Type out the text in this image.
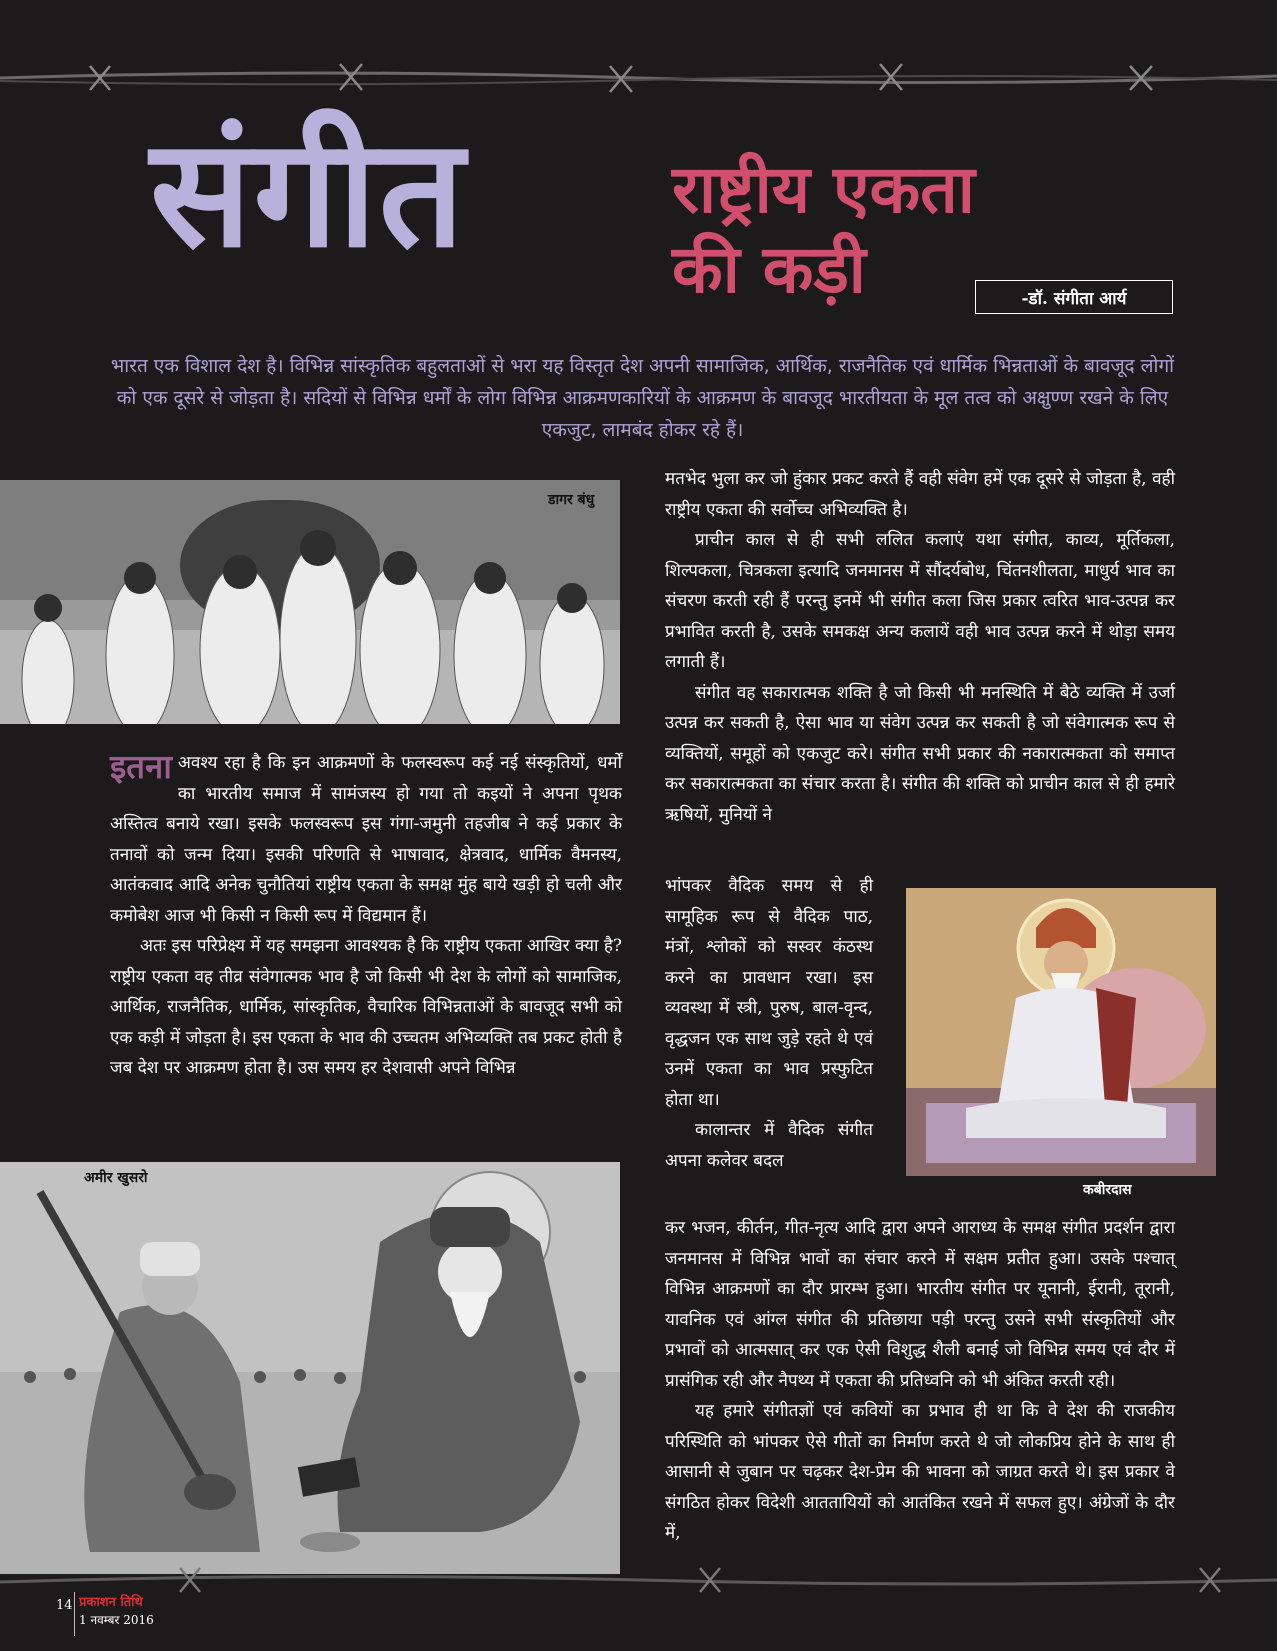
संगीत	राष्ट्रीय एकता
की कड़ी	-डॉ. संगीता आर्य
भारत एक विशाल देश है। विभिन्न सांस्कृतिक बहुलताओं से भरा यह विस्तृत देश अपनी सामाजिक, आर्थिक, राजनैतिक एवं धार्मिक भिन्नताओं के बावजूद लोगों को एक दूसरे से जोड़ता है। सदियों से विभिन्न धर्मों के लोग विभिन्न आक्रमणकारियों के आक्रमण के बावजूद भारतीयता के मूल तत्व को अक्षुण्ण रखने के लिए एकजुट, लामबंद होकर रहे हैं।
डागर बंधु

इतना अवश्य रहा है कि इन आक्रमणों के फलस्वरूप कई नई संस्कृतियों, धर्मों का भारतीय समाज में सामंजस्य हो गया तो कइयों ने अपना पृथक अस्तित्व बनाये रखा। इसके फलस्वरूप इस गंगा-जमुनी तहजीब ने कई प्रकार के तनावों को जन्म दिया। इसकी परिणति से भाषावाद, क्षेत्रवाद, धार्मिक वैमनस्य, आतंकवाद आदि अनेक चुनौतियां राष्ट्रीय एकता के समक्ष मुंह बाये खड़ी हो चली और कमोबेश आज भी किसी न किसी रूप में विद्यमान हैं।

अतः इस परिप्रेक्ष्य में यह समझना आवश्यक है कि राष्ट्रीय एकता आखिर क्या है? राष्ट्रीय एकता वह तीव्र संवेगात्मक भाव है जो किसी भी देश के लोगों को सामाजिक, आर्थिक, राजनैतिक, धार्मिक, सांस्कृतिक, वैचारिक विभिन्नताओं के बावजूद सभी को एक कड़ी में जोड़ता है। इस एकता के भाव की उच्चतम अभिव्यक्ति तब प्रकट होती है जब देश पर आक्रमण होता है। उस समय हर देशवासी अपने विभिन्न

अमीर खुसरो

मतभेद भुला कर जो हुंकार प्रकट करते हैं वही संवेग हमें एक दूसरे से जोड़ता है, वही राष्ट्रीय एकता की सर्वोच्च अभिव्यक्ति है।

प्राचीन काल से ही सभी ललित कलाएं यथा संगीत, काव्य, मूर्तिकला, शिल्पकला, चित्रकला इत्यादि जनमानस में सौंदर्यबोध, चिंतनशीलता, माधुर्य भाव का संचरण करती रही हैं परन्तु इनमें भी संगीत कला जिस प्रकार त्वरित भाव-उत्पन्न कर प्रभावित करती है, उसके समकक्ष अन्य कलायें वही भाव उत्पन्न करने में थोड़ा समय लगाती हैं।

संगीत वह सकारात्मक शक्ति है जो किसी भी मनस्थिति में बैठे व्यक्ति में उर्जा उत्पन्न कर सकती है, ऐसा भाव या संवेग उत्पन्न कर सकती है जो संवेगात्मक रूप से व्यक्तियों, समूहों को एकजुट करे। संगीत सभी प्रकार की नकारात्मकता को समाप्त कर सकारात्मकता का संचार करता है। संगीत की शक्ति को प्राचीन काल से ही हमारे ऋषियों, मुनियों ने

भांपकर वैदिक समय से ही सामूहिक रूप से वैदिक पाठ, मंत्रों, श्लोकों को सस्वर कंठस्थ करने का प्रावधान रखा। इस व्यवस्था में स्त्री, पुरुष, बाल-वृन्द, वृद्धजन एक साथ जुड़े रहते थे एवं उनमें एकता का भाव प्रस्फुटित होता था।

कालान्तर में वैदिक संगीत अपना कलेवर बदल

कबीरदास

कर भजन, कीर्तन, गीत-नृत्य आदि द्वारा अपने आराध्य के समक्ष संगीत प्रदर्शन द्वारा जनमानस में विभिन्न भावों का संचार करने में सक्षम प्रतीत हुआ। उसके पश्चात् विभिन्न आक्रमणों का दौर प्रारम्भ हुआ। भारतीय संगीत पर यूनानी, ईरानी, तूरानी, यावनिक एवं आंग्ल संगीत की प्रतिछाया पड़ी परन्तु उसने सभी संस्कृतियों और प्रभावों को आत्मसात् कर एक ऐसी विशुद्ध शैली बनाई जो विभिन्न समय एवं दौर में प्रासंगिक रही और नैपथ्य में एकता की प्रतिध्वनि को भी अंकित करती रही।

यह हमारे संगीतज्ञों एवं कवियों का प्रभाव ही था कि वे देश की राजकीय परिस्थिति को भांपकर ऐसे गीतों का निर्माण करते थे जो लोकप्रिय होने के साथ ही आसानी से जुबान पर चढ़कर देश-प्रेम की भावना को जाग्रत करते थे। इस प्रकार वे संगठित होकर विदेशी आततायियों को आतंकित रखने में सफल हुए। अंग्रेजों के दौर में,

14 प्रकाशन तिथि
1 नवम्बर 2016
